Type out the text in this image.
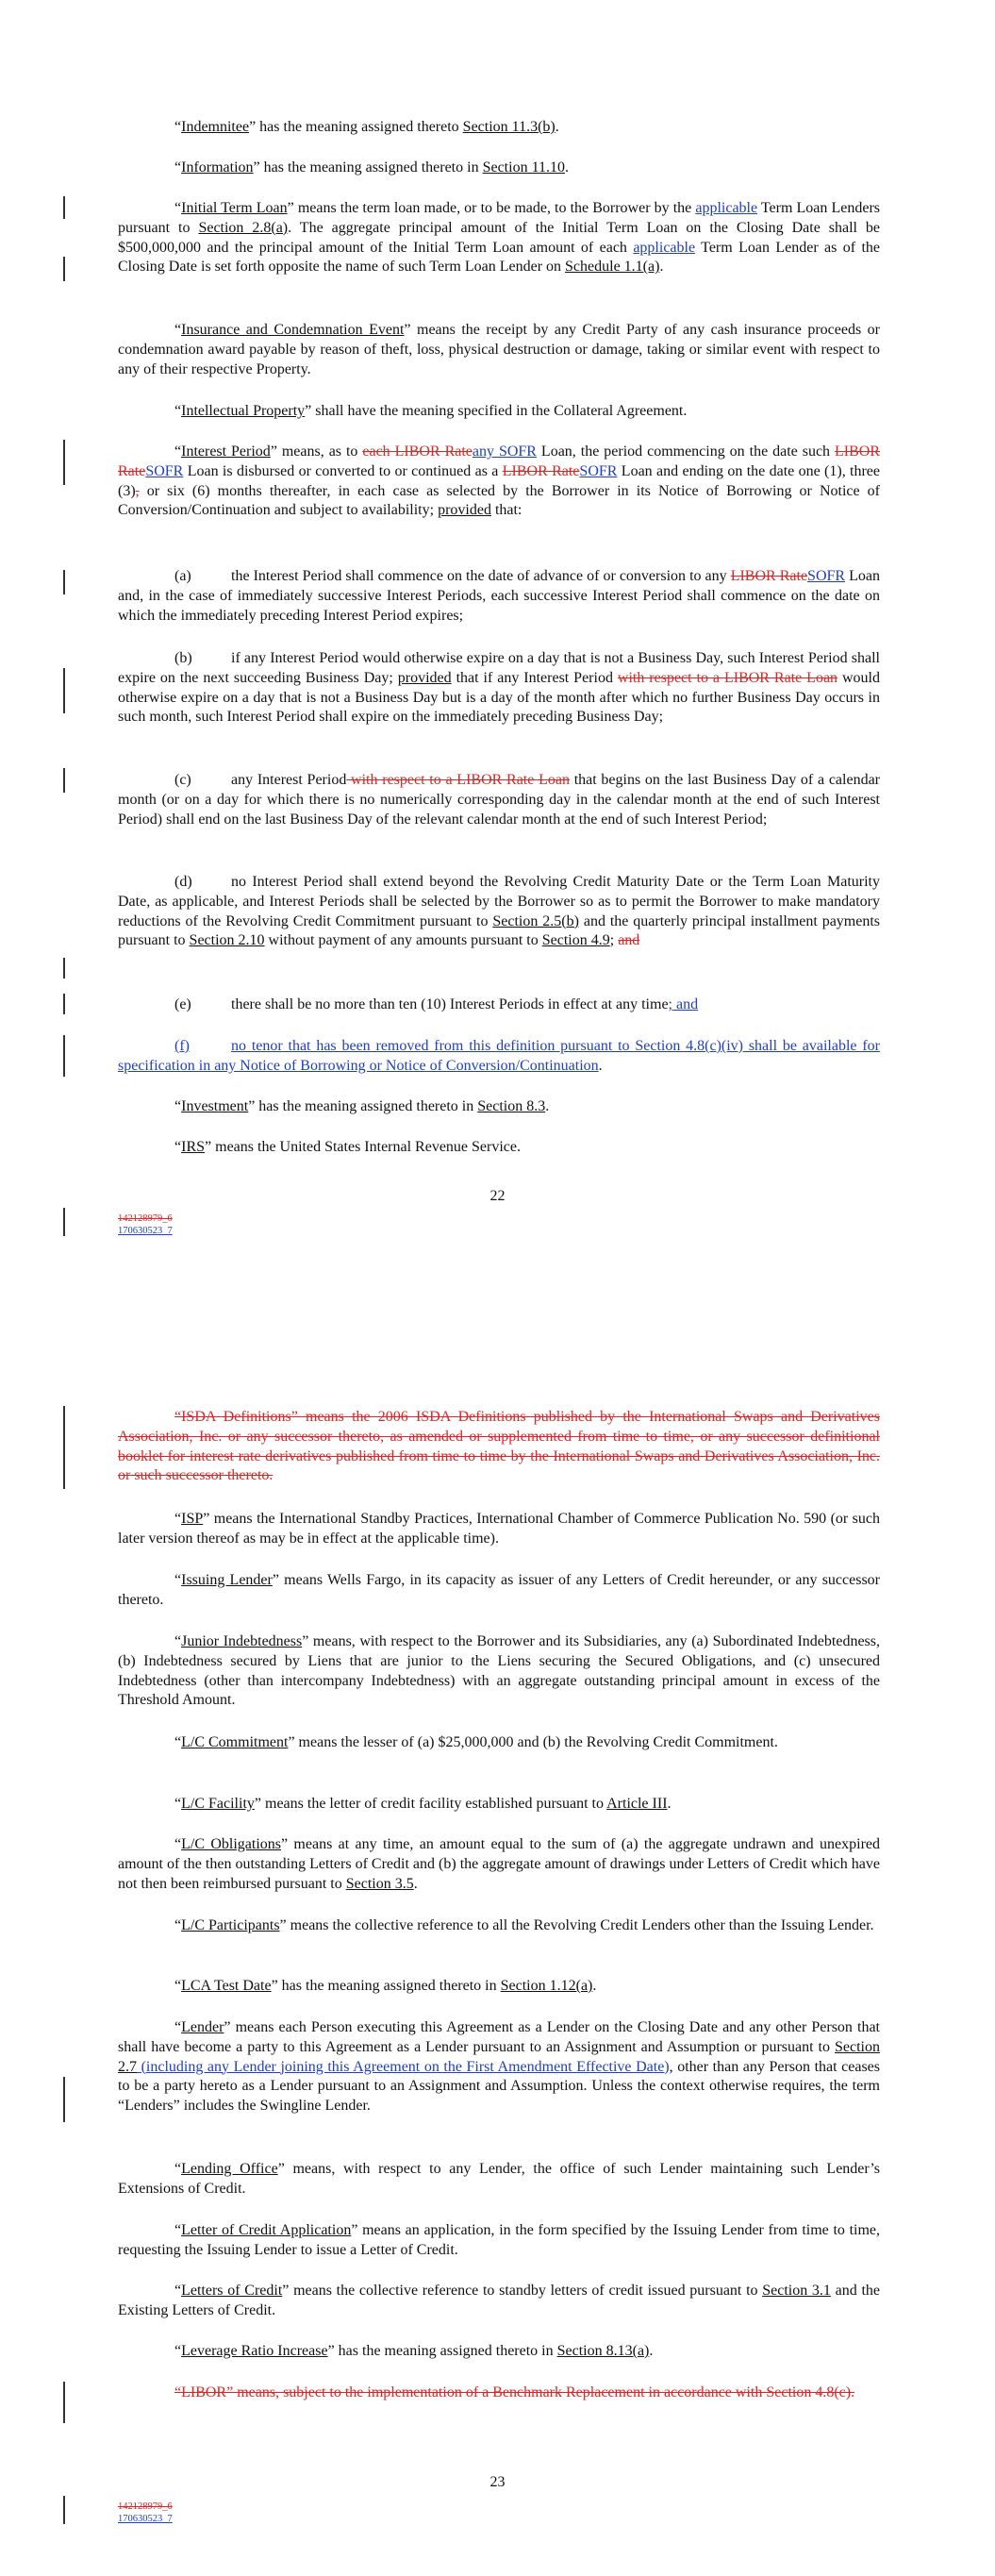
“Indemnitee” has the meaning assigned thereto Section 11.3(b).

“Information” has the meaning assigned thereto in Section 11.10.

“Initial Term Loan” means the term loan made, or to be made, to the Borrower by the applicable Term Loan Lenders pursuant to Section 2.8(a). The aggregate principal amount of the Initial Term Loan on the Closing Date shall be $500,000,000 and the principal amount of the Initial Term Loan amount of each applicable Term Loan Lender as of the Closing Date is set forth opposite the name of such Term Loan Lender on Schedule 1.1(a).

“Insurance and Condemnation Event” means the receipt by any Credit Party of any cash insurance proceeds or condemnation award payable by reason of theft, loss, physical destruction or damage, taking or similar event with respect to any of their respective Property.

“Intellectual Property” shall have the meaning specified in the Collateral Agreement.

“Interest Period” means, as to each LIBOR Rateany SOFR Loan, the period commencing on the date such LIBOR RateSOFR Loan is disbursed or converted to or continued as a LIBOR RateSOFR Loan and ending on the date one (1), three (3), or six (6) months thereafter, in each case as selected by the Borrower in its Notice of Borrowing or Notice of Conversion/Continuation and subject to availability; provided that:

(a)	the Interest Period shall commence on the date of advance of or conversion to any LIBOR RateSOFR Loan and, in the case of immediately successive Interest Periods, each successive Interest Period shall commence on the date on which the immediately preceding Interest Period expires;

(b)	if any Interest Period would otherwise expire on a day that is not a Business Day, such Interest Period shall expire on the next succeeding Business Day; provided that if any Interest Period with respect to a LIBOR Rate Loan would otherwise expire on a day that is not a Business Day but is a day of the month after which no further Business Day occurs in such month, such Interest Period shall expire on the immediately preceding Business Day;

(c)	any Interest Period with respect to a LIBOR Rate Loan that begins on the last Business Day of a calendar month (or on a day for which there is no numerically corresponding day in the calendar month at the end of such Interest Period) shall end on the last Business Day of the relevant calendar month at the end of such Interest Period;

(d)	no Interest Period shall extend beyond the Revolving Credit Maturity Date or the Term Loan Maturity Date, as applicable, and Interest Periods shall be selected by the Borrower so as to permit the Borrower to make mandatory reductions of the Revolving Credit Commitment pursuant to Section 2.5(b) and the quarterly principal installment payments pursuant to Section 2.10 without payment of any amounts pursuant to Section 4.9; and

(e)	there shall be no more than ten (10) Interest Periods in effect at any time; and

(f)	no tenor that has been removed from this definition pursuant to Section 4.8(c)(iv) shall be available for specification in any Notice of Borrowing or Notice of Conversion/Continuation.

“Investment” has the meaning assigned thereto in Section 8.3.

“IRS” means the United States Internal Revenue Service.

22
142128979_6
170630523_7

“ISDA Definitions” means the 2006 ISDA Definitions published by the International Swaps and Derivatives Association, Inc. or any successor thereto, as amended or supplemented from time to time, or any successor definitional booklet for interest rate derivatives published from time to time by the International Swaps and Derivatives Association, Inc. or such successor thereto.

“ISP” means the International Standby Practices, International Chamber of Commerce Publication No. 590 (or such later version thereof as may be in effect at the applicable time).

“Issuing Lender” means Wells Fargo, in its capacity as issuer of any Letters of Credit hereunder, or any successor thereto.

“Junior Indebtedness” means, with respect to the Borrower and its Subsidiaries, any (a) Subordinated Indebtedness, (b) Indebtedness secured by Liens that are junior to the Liens securing the Secured Obligations, and (c) unsecured Indebtedness (other than intercompany Indebtedness) with an aggregate outstanding principal amount in excess of the Threshold Amount.

“L/C Commitment” means the lesser of (a) $25,000,000 and (b) the Revolving Credit Commitment.

“L/C Facility” means the letter of credit facility established pursuant to Article III.

“L/C Obligations” means at any time, an amount equal to the sum of (a) the aggregate undrawn and unexpired amount of the then outstanding Letters of Credit and (b) the aggregate amount of drawings under Letters of Credit which have not then been reimbursed pursuant to Section 3.5.

“L/C Participants” means the collective reference to all the Revolving Credit Lenders other than the Issuing Lender.

“LCA Test Date” has the meaning assigned thereto in Section 1.12(a).

“Lender” means each Person executing this Agreement as a Lender on the Closing Date and any other Person that shall have become a party to this Agreement as a Lender pursuant to an Assignment and Assumption or pursuant to Section 2.7 (including any Lender joining this Agreement on the First Amendment Effective Date), other than any Person that ceases to be a party hereto as a Lender pursuant to an Assignment and Assumption. Unless the context otherwise requires, the term “Lenders” includes the Swingline Lender.

“Lending Office” means, with respect to any Lender, the office of such Lender maintaining such Lender’s Extensions of Credit.

“Letter of Credit Application” means an application, in the form specified by the Issuing Lender from time to time, requesting the Issuing Lender to issue a Letter of Credit.

“Letters of Credit” means the collective reference to standby letters of credit issued pursuant to Section 3.1 and the Existing Letters of Credit.

“Leverage Ratio Increase” has the meaning assigned thereto in Section 8.13(a).

“LIBOR” means, subject to the implementation of a Benchmark Replacement in accordance with Section 4.8(c).

23
142128979_6
170630523_7
